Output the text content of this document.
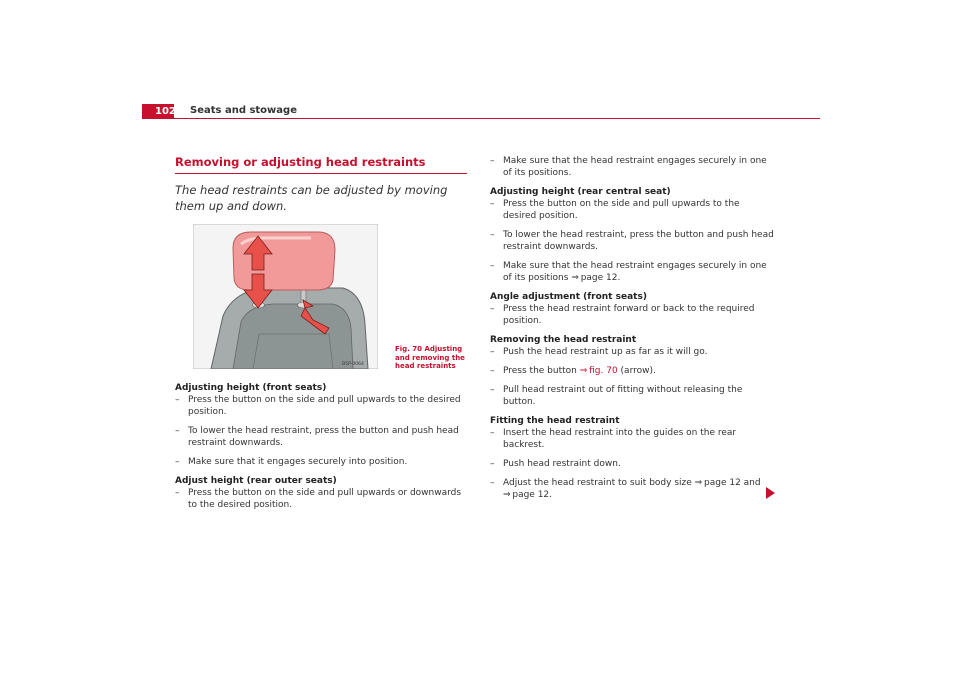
102 Seats and stowage
Removing or adjusting head restraints

The head restraints can be adjusted by moving them up and down.

B5P-0064
Fig. 70 Adjusting and removing the head restraints

Adjusting height (front seats)

– Press the button on the side and pull upwards to the desired position.

– To lower the head restraint, press the button and push head restraint downwards.

– Make sure that it engages securely into position.

Adjust height (rear outer seats)

– Press the button on the side and pull upwards or downwards to the desired position.

– Make sure that the head restraint engages securely in one of its positions.

Adjusting height (rear central seat)

– Press the button on the side and pull upwards to the desired position.

– To lower the head restraint, press the button and push head restraint downwards.

– Make sure that the head restraint engages securely in one of its positions ⇒  page 12.

Angle adjustment (front seats)

– Press the head restraint forward or back to the required position.

Removing the head restraint

– Push the head restraint up as far as it will go.

– Press the button ⇒  fig. 70 (arrow).

– Pull head restraint out of fitting without releasing the button.

Fitting the head restraint

– Insert the head restraint into the guides on the rear backrest.

– Push head restraint down.

– Adjust the head restraint to suit body size ⇒  page 12 and
⇒  page 12.
